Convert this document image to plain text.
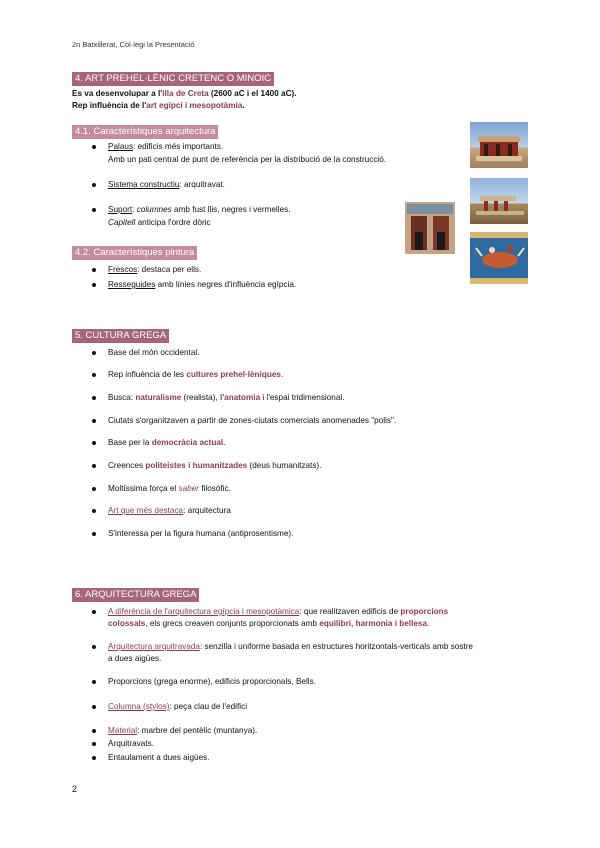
2n Batxillerat, Col·legi la Presentació
4. ART PREHEL·LÈNIC CRETENC O MINOIC
Es va desenvolupar a l'illa de Creta (2600 aC i el 1400 aC).
Rep influència de l'art egipci i mesopotàmia.
4.1. Característiques arquitectura
Palaus: edificis més importants.
Amb un pati central de punt de referència per la distribució de la construcció.
Sistema constructiu: arquitravat.
Suport: columnes amb fust llis, negres i vermelles.
Capitell anticipa l'ordre dòric
4.2. Característiques pintura
Frescos: destaca per ells.
Resseguides amb línies negres d'influència egípcia.
5. CULTURA GREGA
Base del món occidental.
Rep influència de les cultures prehel·lèniques.
Busca: naturalisme (realista), l'anatomia i l'espai tridimensional.
Ciutats s'organitzaven a partir de zones-ciutats comercials anomenades "polis".
Base per la democràcia actual.
Creences politeistes i humanitzades (deus humanitzats).
Moltíssima força el saber filosòfic.
Art que més destaca: arquitectura
S'interessa per la figura humana (antiprosentisme).
6. ARQUITECTURA GREGA
A diferència de l'arquitectura egípcia i mesopotàmica: que realitzaven edificis de proporcions
colossals, els grecs creaven conjunts proporcionats amb equilibri, harmonia i bellesa.
Arquitectura arquitravada: senzilla i uniforme basada en estructures horitzontals-verticals amb sostre
a dues aigües.
Proporcions (grega enorme), edificis proporcionals, Bells.
Columna (stylos): peça clau de l'edifici
Material: marbre del pentèlic (muntanya).
Arquitravats.
Entaulament a dues aigües.
2
